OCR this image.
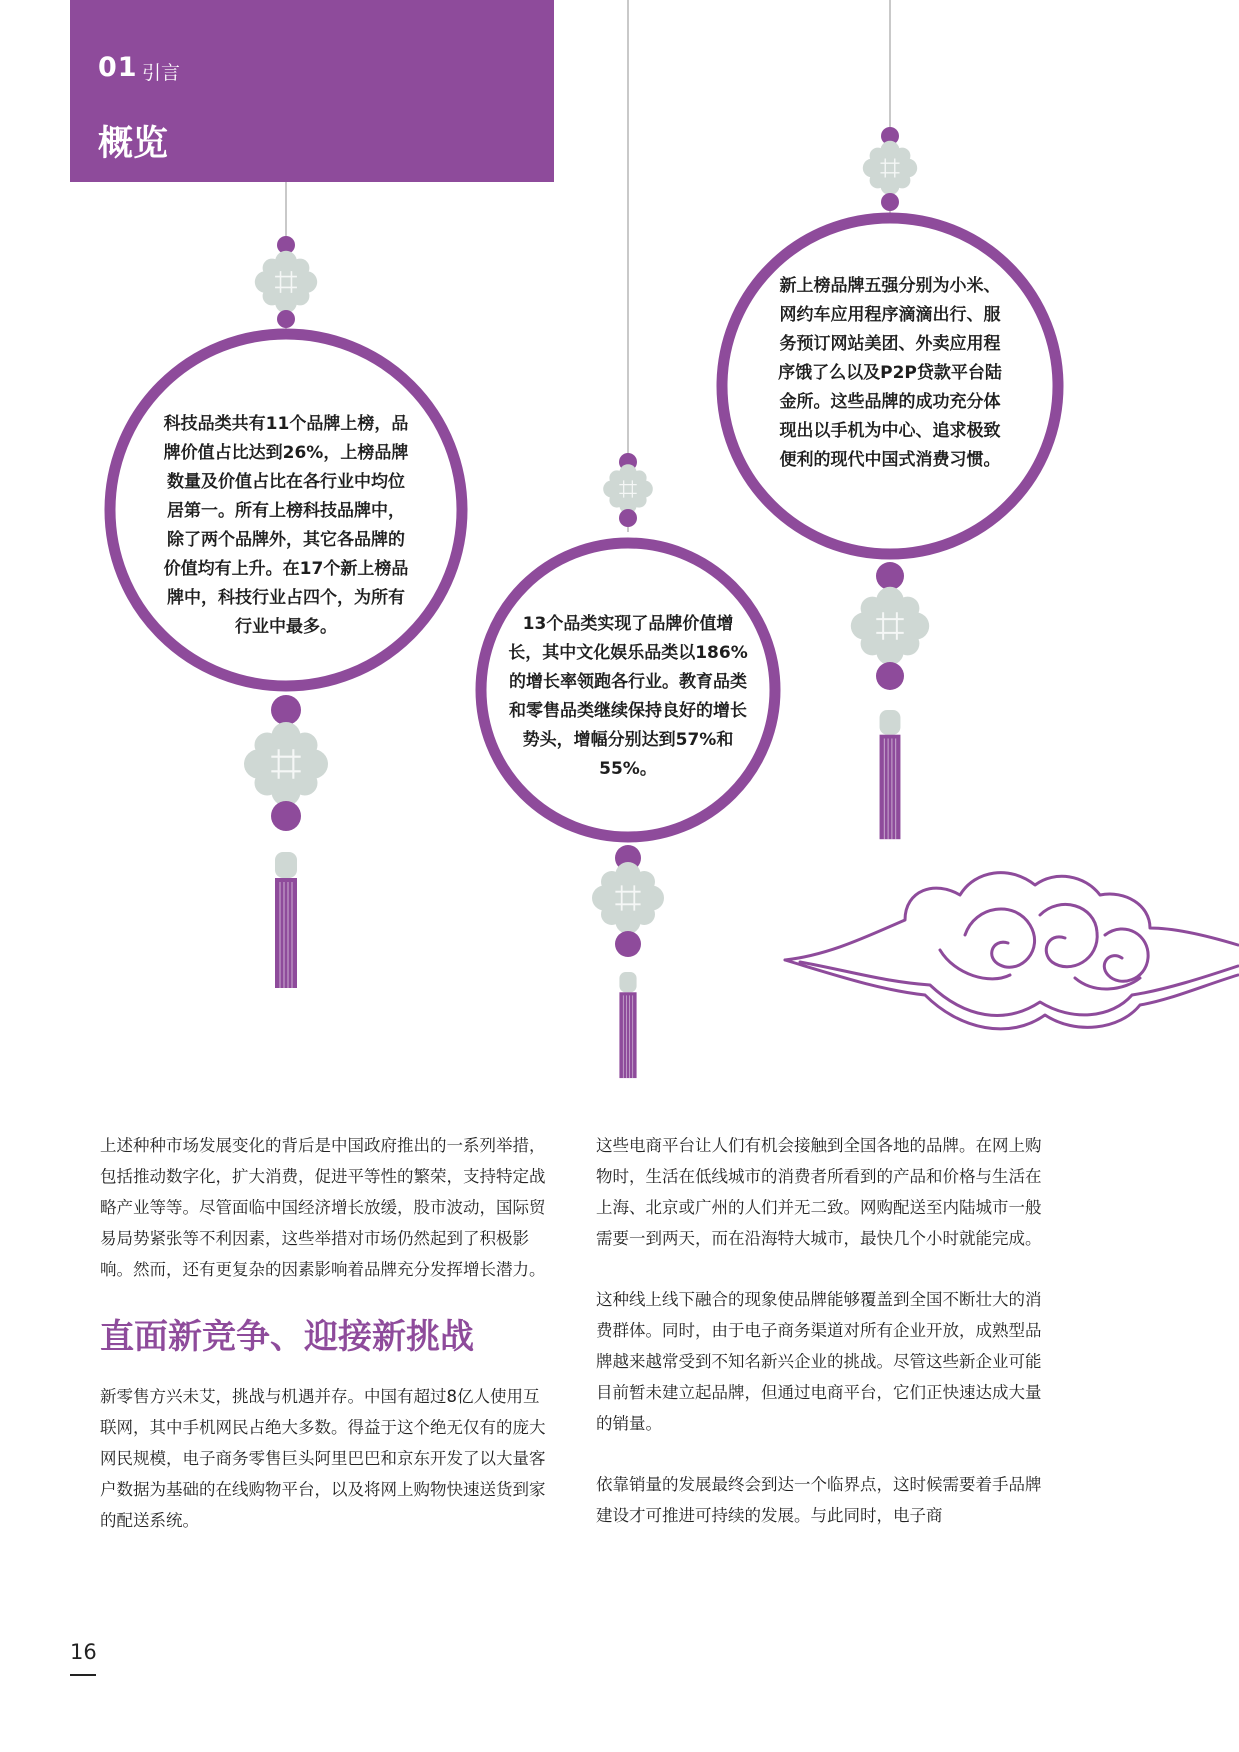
01 引言
概览
科技品类共有11个品牌上榜，品牌价值占比达到26%，上榜品牌数量及价值占比在各行业中均位居第一。所有上榜科技品牌中，除了两个品牌外，其它各品牌的价值均有上升。在17个新上榜品牌中，科技行业占四个，为所有行业中最多。	13个品类实现了品牌价值增长，其中文化娱乐品类以186%的增长率领跑各行业。教育品类和零售品类继续保持良好的增长势头，增幅分别达到57%和55%。
新上榜品牌五强分别为小米、网约车应用程序滴滴出行、服务预订网站美团、外卖应用程序饿了么以及P2P贷款平台陆金所。这些品牌的成功充分体现出以手机为中心、追求极致便利的现代中国式消费习惯。

上述种种市场发展变化的背后是中国政府推出的一系列举措，包括推动数字化，扩大消费，促进平等性的繁荣，支持特定战略产业等等。尽管面临中国经济增长放缓，股市波动，国际贸易局势紧张等不利因素，这些举措对市场仍然起到了积极影响。然而，还有更复杂的因素影响着品牌充分发挥增长潜力。

直面新竞争、迎接新挑战

新零售方兴未艾，挑战与机遇并存。中国有超过8亿人使用互联网，其中手机网民占绝大多数。得益于这个绝无仅有的庞大网民规模，电子商务零售巨头阿里巴巴和京东开发了以大量客户数据为基础的在线购物平台，以及将网上购物快速送货到家的配送系统。

这些电商平台让人们有机会接触到全国各地的品牌。在网上购物时，生活在低线城市的消费者所看到的产品和价格与生活在上海、北京或广州的人们并无二致。网购配送至内陆城市一般需要一到两天，而在沿海特大城市，最快几个小时就能完成。

这种线上线下融合的现象使品牌能够覆盖到全国不断壮大的消费群体。同时，由于电子商务渠道对所有企业开放，成熟型品牌越来越常受到不知名新兴企业的挑战。尽管这些新企业可能目前暂未建立起品牌，但通过电商平台，它们正快速达成大量的销量。

依靠销量的发展最终会到达一个临界点，这时候需要着手品牌建设才可推进可持续的发展。与此同时，电子商

16
